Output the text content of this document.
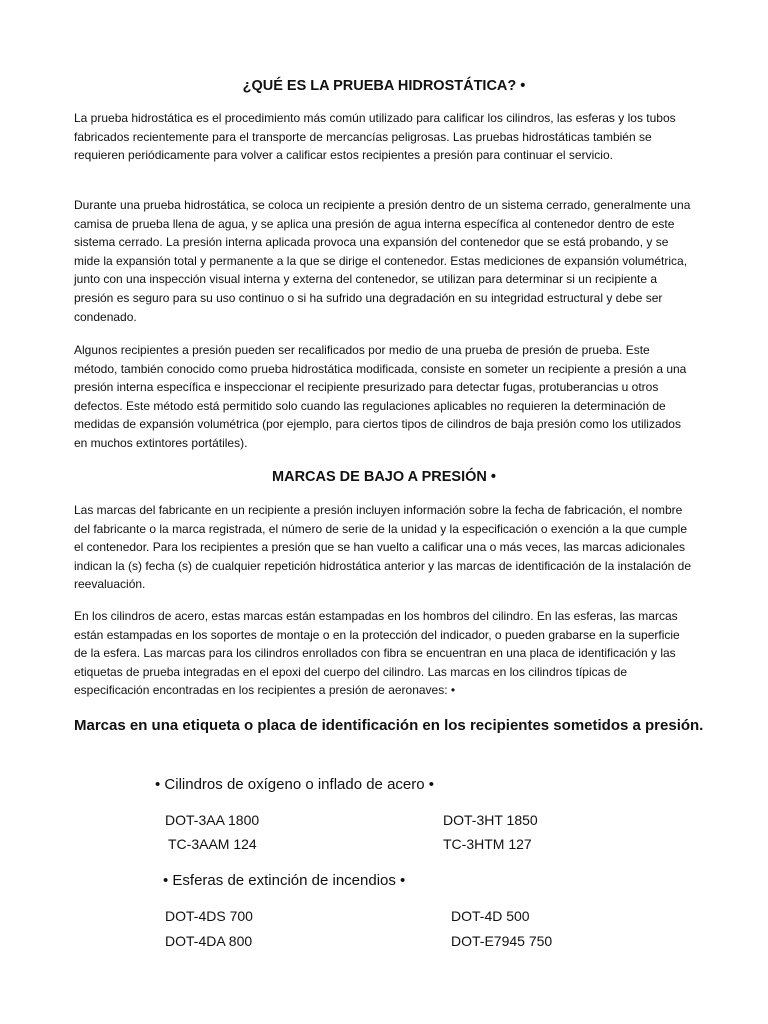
¿QUÉ ES LA PRUEBA HIDROSTÁTICA? •

La prueba hidrostática es el procedimiento más común utilizado para calificar los cilindros, las esferas y los tubos fabricados recientemente para el transporte de mercancías peligrosas. Las pruebas hidrostáticas también se requieren periódicamente para volver a calificar estos recipientes a presión para continuar el servicio.

Durante una prueba hidrostática, se coloca un recipiente a presión dentro de un sistema cerrado, generalmente una camisa de prueba llena de agua, y se aplica una presión de agua interna específica al contenedor dentro de este sistema cerrado. La presión interna aplicada provoca una expansión del contenedor que se está probando, y se mide la expansión total y permanente a la que se dirige el contenedor. Estas mediciones de expansión volumétrica, junto con una inspección visual interna y externa del contenedor, se utilizan para determinar si un recipiente a presión es seguro para su uso continuo o si ha sufrido una degradación en su integridad estructural y debe ser condenado.

Algunos recipientes a presión pueden ser recalificados por medio de una prueba de presión de prueba. Este método, también conocido como prueba hidrostática modificada, consiste en someter un recipiente a presión a una presión interna específica e inspeccionar el recipiente presurizado para detectar fugas, protuberancias u otros defectos. Este método está permitido solo cuando las regulaciones aplicables no requieren la determinación de medidas de expansión volumétrica (por ejemplo, para ciertos tipos de cilindros de baja presión como los utilizados en muchos extintores portátiles).

MARCAS DE BAJO A PRESIÓN •

Las marcas del fabricante en un recipiente a presión incluyen información sobre la fecha de fabricación, el nombre del fabricante o la marca registrada, el número de serie de la unidad y la especificación o exención a la que cumple el contenedor. Para los recipientes a presión que se han vuelto a calificar una o más veces, las marcas adicionales indican la (s) fecha (s) de cualquier repetición hidrostática anterior y las marcas de identificación de la instalación de reevaluación.

En los cilindros de acero, estas marcas están estampadas en los hombros del cilindro. En las esferas, las marcas están estampadas en los soportes de montaje o en la protección del indicador, o pueden grabarse en la superficie de la esfera. Las marcas para los cilindros enrollados con fibra se encuentran en una placa de identificación y las etiquetas de prueba integradas en el epoxi del cuerpo del cilindro. Las marcas en los cilindros típicas de especificación encontradas en los recipientes a presión de aeronaves: •

Marcas en una etiqueta o placa de identificación en los recipientes sometidos a presión.
• Cilindros de oxígeno o inflado de acero •
DOT-3AA 1800	DOT-3HT 1850
TC-3AAM 124	TC-3HTM 127
• Esferas de extinción de incendios •
DOT-4DS 700	DOT-4D 500
DOT-4DA 800	DOT-E7945 750
